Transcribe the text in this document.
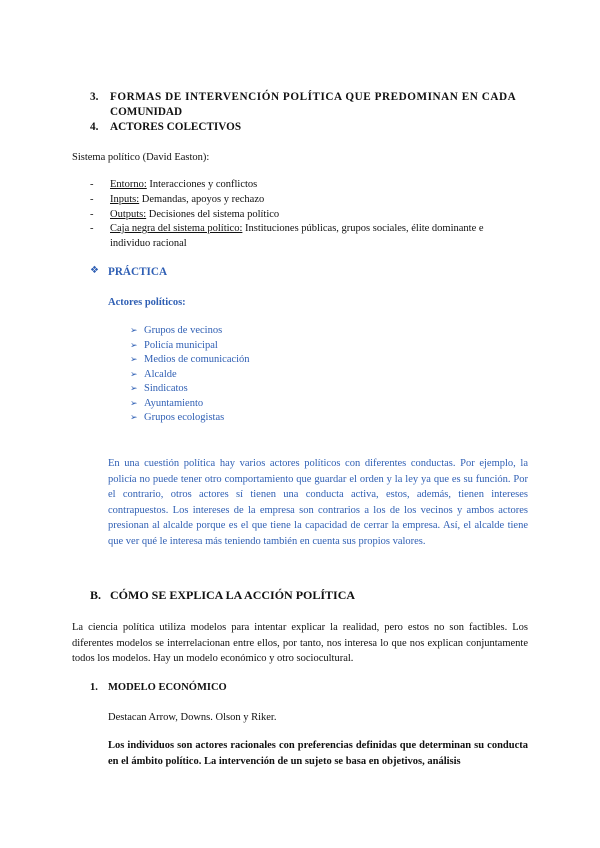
3. FORMAS DE INTERVENCIÓN POLÍTICA QUE PREDOMINAN EN CADA
COMUNIDAD
4. ACTORES COLECTIVOS
Sistema político (David Easton):
- Entorno: Interacciones y conflictos
- Inputs: Demandas, apoyos y rechazo
- Outputs: Decisiones del sistema político
- Caja negra del sistema político: Instituciones públicas, grupos sociales, élite dominante e
individuo racional
❖ PRÁCTICA
Actores políticos:
➢ Grupos de vecinos
➢ Policía municipal
➢ Medios de comunicación
➢ Alcalde
➢ Sindicatos
➢ Ayuntamiento
➢ Grupos ecologistas
En una cuestión política hay varios actores políticos con diferentes conductas. Por ejemplo, la policía no puede tener otro comportamiento que guardar el orden y la ley ya que es su función. Por el contrario, otros actores sí tienen una conducta activa, estos, además, tienen intereses contrapuestos. Los intereses de la empresa son contrarios a los de los vecinos y ambos actores presionan al alcalde porque es el que tiene la capacidad de cerrar la empresa. Así, el alcalde tiene que ver qué le interesa más teniendo también en cuenta sus propios valores.
B. CÓMO SE EXPLICA LA ACCIÓN POLÍTICA
La ciencia política utiliza modelos para intentar explicar la realidad, pero estos no son factibles. Los diferentes modelos se interrelacionan entre ellos, por tanto, nos interesa lo que nos explican conjuntamente todos los modelos. Hay un modelo económico y otro sociocultural.
1. MODELO ECONÓMICO
Destacan Arrow, Downs. Olson y Riker.
Los individuos son actores racionales con preferencias definidas que determinan su conducta en el ámbito político. La intervención de un sujeto se basa en objetivos, análisis
